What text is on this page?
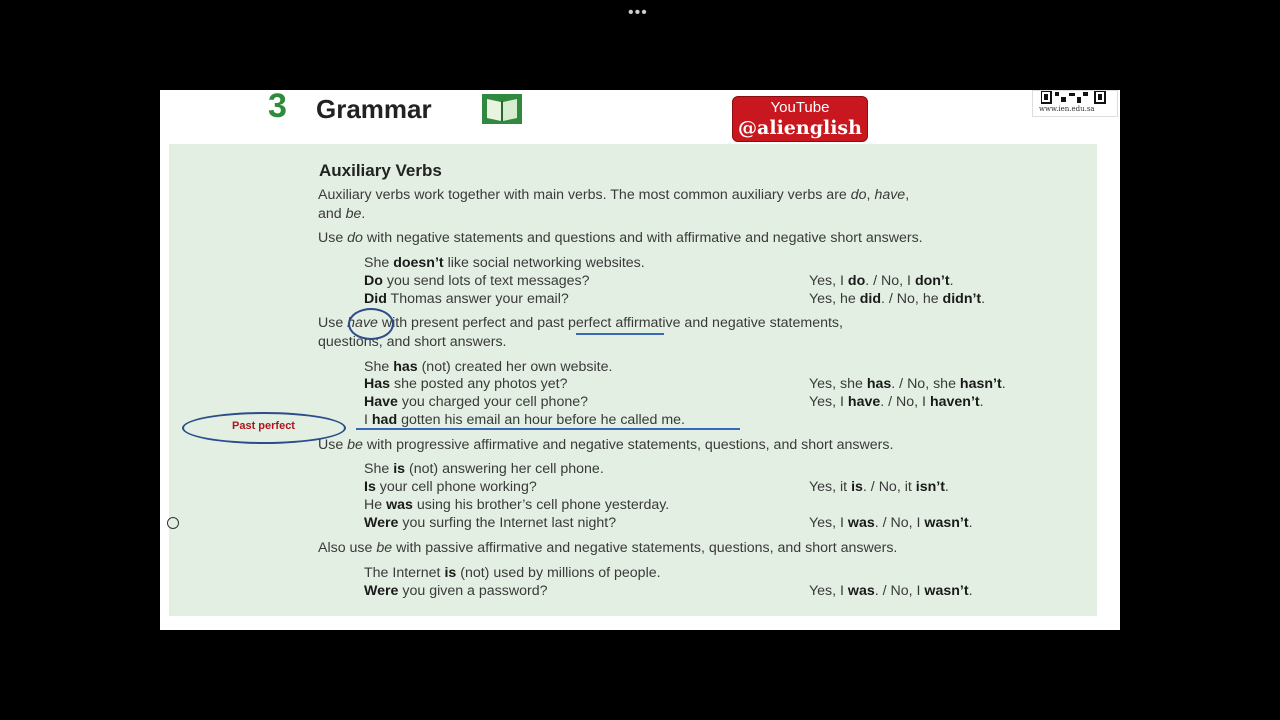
•••
3 Grammar	YouTube
@alienglish
www.ien.edu.sa
Auxiliary Verbs
Auxiliary verbs work together with main verbs. The most common auxiliary verbs are do, have,
and be.
Use do with negative statements and questions and with affirmative and negative short answers.
She doesn’t like social networking websites.
Do you send lots of text messages?	Yes, I do. / No, I don’t.
Did Thomas answer your email?	Yes, he did. / No, he didn’t.
Use have with present perfect and past perfect affirmative and negative statements,
questions, and short answers.
She has (not) created her own website.
Has she posted any photos yet?	Yes, she has. / No, she hasn’t.
Have you charged your cell phone?	Yes, I have. / No, I haven’t.
I had gotten his email an hour before he called me.
Use be with progressive affirmative and negative statements, questions, and short answers.
She is (not) answering her cell phone.
Is your cell phone working?	Yes, it is. / No, it isn’t.
He was using his brother’s cell phone yesterday.
Were you surfing the Internet last night?	Yes, I was. / No, I wasn’t.
Also use be with passive affirmative and negative statements, questions, and short answers.
The Internet is (not) used by millions of people.
Were you given a password?	Yes, I was. / No, I wasn’t.
Past perfect
